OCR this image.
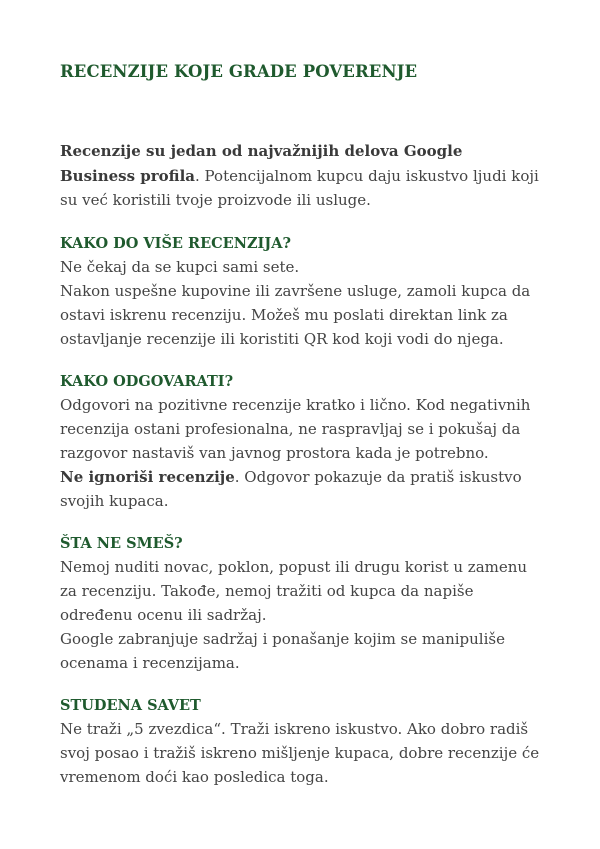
RECENZIJE KOJE GRADE POVERENJE

Recenzije su jedan od najvažnijih delova Google Business profila. Potencijalnom kupcu daju iskustvo ljudi koji su već koristili tvoje proizvode ili usluge.

KAKO DO VIŠE RECENZIJA?

Ne čekaj da se kupci sami sete.

Nakon uspešne kupovine ili završene usluge, zamoli kupca da ostavi iskrenu recenziju. Možeš mu poslati direktan link za ostavljanje recenzije ili koristiti QR kod koji vodi do njega.

KAKO ODGOVARATI?

Odgovori na pozitivne recenzije kratko i lično. Kod negativnih recenzija ostani profesionalna, ne raspravljaj se i pokušaj da razgovor nastaviš van javnog prostora kada je potrebno.

Ne ignoriši recenzije. Odgovor pokazuje da pratiš iskustvo svojih kupaca.

ŠTA NE SMEŠ?

Nemoj nuditi novac, poklon, popust ili drugu korist u zamenu za recenziju. Takođe, nemoj tražiti od kupca da napiše određenu ocenu ili sadržaj.

Google zabranjuje sadržaj i ponašanje kojim se manipuliše ocenama i recenzijama.

STUDENA SAVET

Ne traži „5 zvezdica“. Traži iskreno iskustvo. Ako dobro radiš svoj posao i tražiš iskreno mišljenje kupaca, dobre recenzije će vremenom doći kao posledica toga.
